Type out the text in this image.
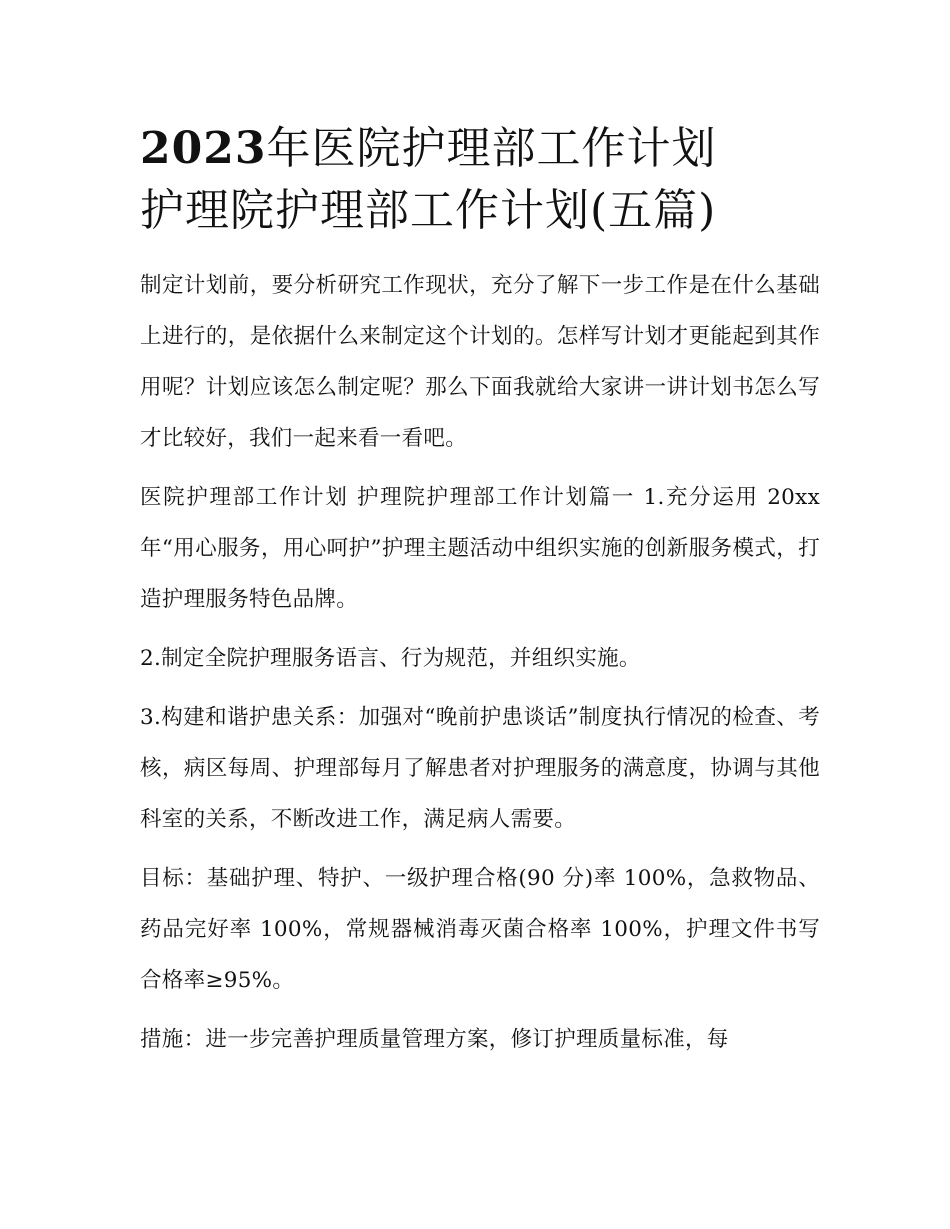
2023年医院护理部工作计划
护理院护理部工作计划(五篇)

制定计划前，要分析研究工作现状，充分了解下一步工作是在什么基础上进行的，是依据什么来制定这个计划的。怎样写计划才更能起到其作用呢？计划应该怎么制定呢？那么下面我就给大家讲一讲计划书怎么写才比较好，我们一起来看一看吧。

医院护理部工作计划 护理院护理部工作计划篇一 1.充分运用 20xx 年“用心服务，用心呵护”护理主题活动中组织实施的创新服务模式，打造护理服务特色品牌。

2.制定全院护理服务语言、行为规范，并组织实施。

3.构建和谐护患关系：加强对“晚前护患谈话”制度执行情况的检查、考核，病区每周、护理部每月了解患者对护理服务的满意度，协调与其他科室的关系，不断改进工作，满足病人需要。

目标：基础护理、特护、一级护理合格(90 分)率 100%，急救物品、药品完好率 100%，常规器械消毒灭菌合格率 100%，护理文件书写合格率≥95%。

措施：进一步完善护理质量管理方案，修订护理质量标准，每
